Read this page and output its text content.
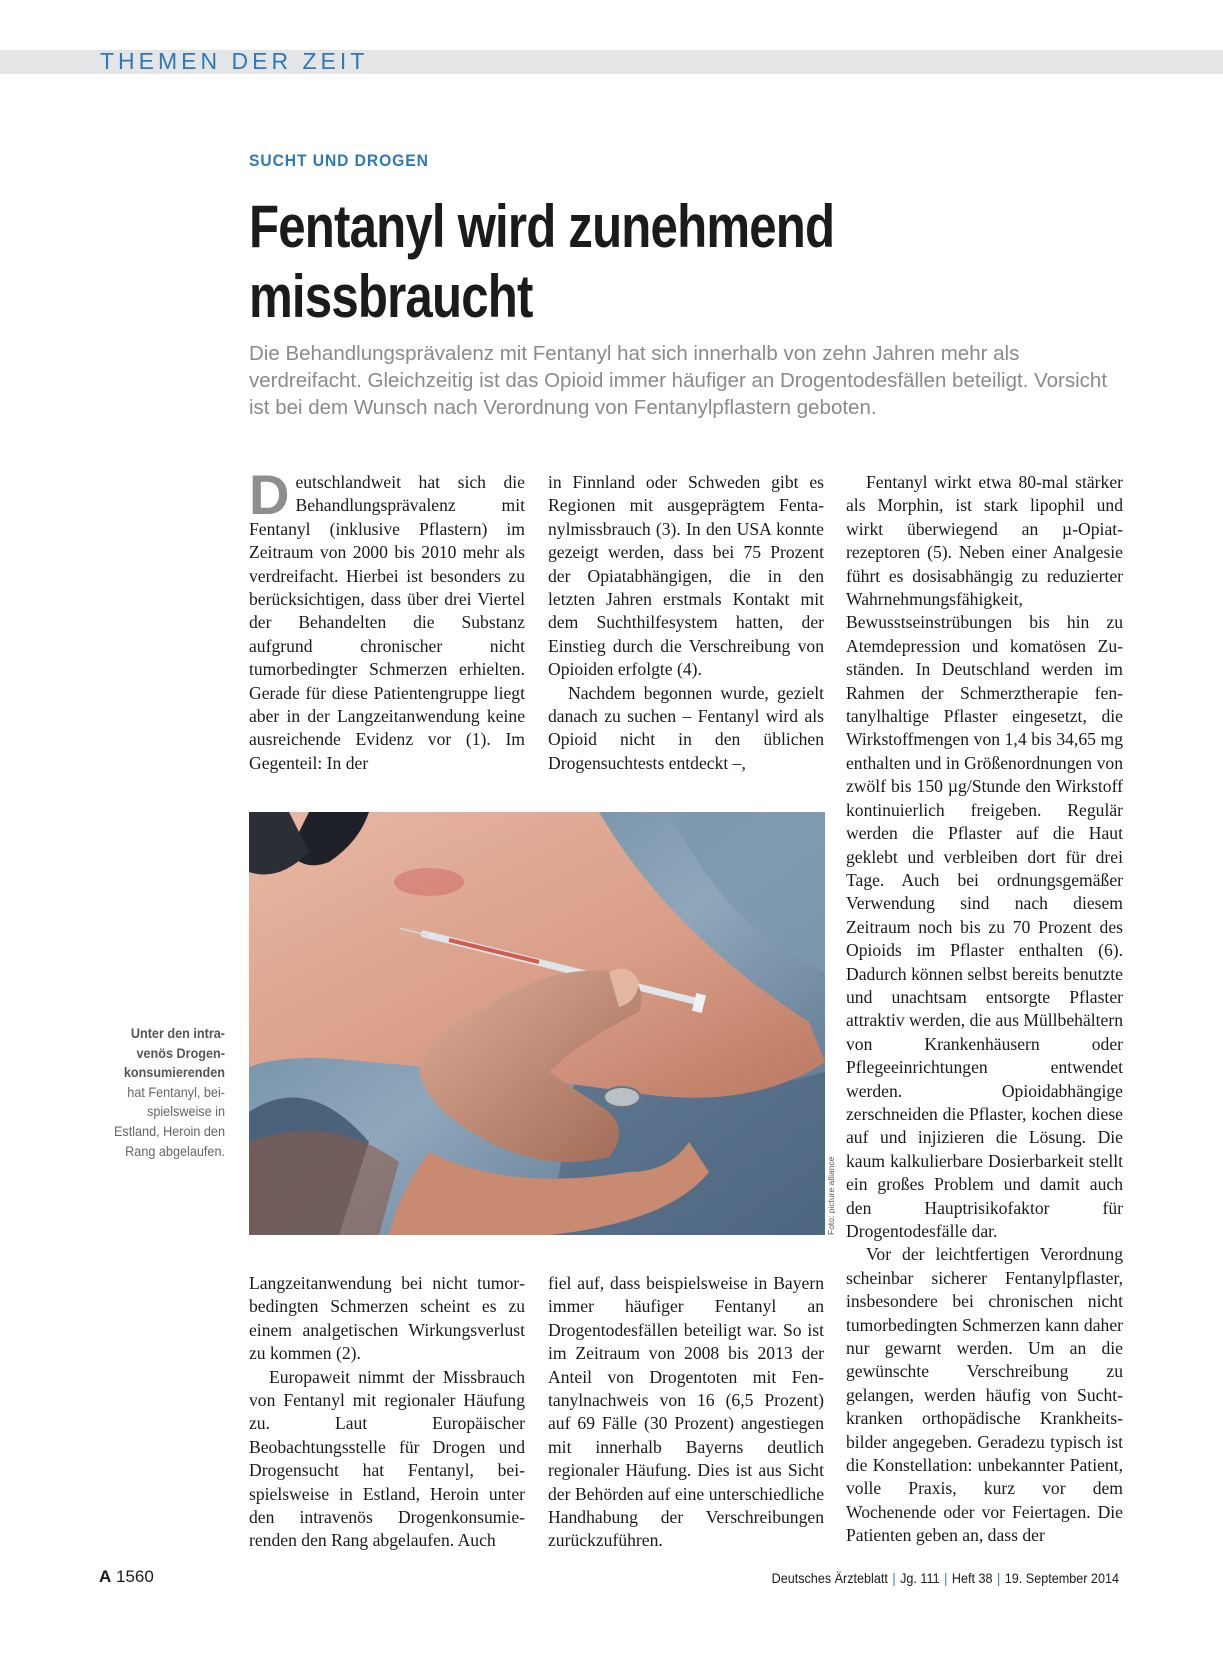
THEMEN DER ZEIT
SUCHT UND DROGEN
Fentanyl wird zunehmend
missbraucht

Die Behandlungsprävalenz mit Fentanyl hat sich innerhalb von zehn Jahren mehr als verdreifacht. Gleichzeitig ist das Opioid immer häufiger an Drogentodesfällen beteiligt. Vorsicht ist bei dem Wunsch nach Verordnung von Fentanylpflastern geboten.

Deutschlandweit hat sich die Behandlungsprävalenz mit Fentanyl (inklusive Pflastern) im Zeitraum von 2000 bis 2010 mehr als verdreifacht. Hierbei ist besonders zu berücksichtigen, dass über drei Viertel der Behandelten die Substanz aufgrund chronischer nicht tumorbedingter Schmerzen erhielten. Gerade für diese Patientengruppe liegt aber in der Langzeitanwendung keine ausreichende Evidenz vor (1). Im Gegenteil: In der

in Finnland oder Schweden gibt es Regionen mit ausgeprägtem Fentanylmissbrauch (3). In den USA konnte gezeigt werden, dass bei 75 Prozent der Opiatabhängigen, die in den letzten Jahren erstmals Kontakt mit dem Suchthilfesystem hatten, der Einstieg durch die Verschreibung von Opioiden erfolgte (4).

Nachdem begonnen wurde, gezielt danach zu suchen – Fentanyl wird als Opioid nicht in den üblichen Drogensuchtests entdeckt –,

Fentanyl wirkt etwa 80-mal stärker als Morphin, ist stark lipophil und wirkt überwiegend an µ-Opiatrezeptoren (5). Neben einer Analgesie führt es dosisabhängig zu reduzierter Wahrnehmungsfähigkeit, Bewusstseinstrübungen bis hin zu Atemdepression und komatösen Zuständen. In Deutschland werden im Rahmen der Schmerztherapie fentanylhaltige Pflaster eingesetzt, die Wirkstoffmengen von 1,4 bis 34,65 mg enthalten und in Größenordnungen von zwölf bis 150 µg/Stunde den Wirkstoff kontinuierlich freigeben. Regulär werden die Pflaster auf die Haut geklebt und verbleiben dort für drei Tage. Auch bei ordnungsgemäßer Verwendung sind nach diesem Zeitraum noch bis zu 70 Prozent des Opioids im Pflaster enthalten (6). Dadurch können selbst bereits benutzte und unachtsam entsorgte Pflaster attraktiv werden, die aus Müllbehältern von Krankenhäusern oder Pflegeeinrichtungen entwendet werden. Opioidabhängige zerschneiden die Pflaster, kochen diese auf und injizieren die Lösung. Die kaum kalkulierbare Dosierbarkeit stellt ein großes Problem und damit auch den Hauptrisikofaktor für Drogentodesfälle dar.

Vor der leichtfertigen Verordnung scheinbar sicherer Fentanylpflaster, insbesondere bei chronischen nicht tumorbedingten Schmerzen kann daher nur gewarnt werden. Um an die gewünschte Verschreibung zu gelangen, werden häufig von Suchtkranken orthopädische Krankheitsbilder angegeben. Geradezu typisch ist die Konstellation: unbekannter Patient, volle Praxis, kurz vor dem Wochenende oder vor Feiertagen. Die Patienten geben an, dass der

Foto: picture alliance
Unter den intravenös Drogenkonsumierenden hat Fentanyl, beispielsweise in Estland, Heroin den Rang abgelaufen.

Langzeitanwendung bei nicht tumorbedingten Schmerzen scheint es zu einem analgetischen Wirkungsverlust zu kommen (2).

Europaweit nimmt der Missbrauch von Fentanyl mit regionaler Häufung zu. Laut Europäischer Beobachtungsstelle für Drogen und Drogensucht hat Fentanyl, beispielsweise in Estland, Heroin unter den intravenös Drogenkonsumierenden den Rang abgelaufen. Auch

fiel auf, dass beispielsweise in Bayern immer häufiger Fentanyl an Drogentodesfällen beteiligt war. So ist im Zeitraum von 2008 bis 2013 der Anteil von Drogentoten mit Fentanylnachweis von 16 (6,5 Prozent) auf 69 Fälle (30 Prozent) angestiegen mit innerhalb Bayerns deutlich regionaler Häufung. Dies ist aus Sicht der Behörden auf eine unterschiedliche Handhabung der Verschreibungen zurückzuführen.

A 1560	Deutsches Ärzteblatt | Jg. 111 | Heft 38 | 19. September 2014
